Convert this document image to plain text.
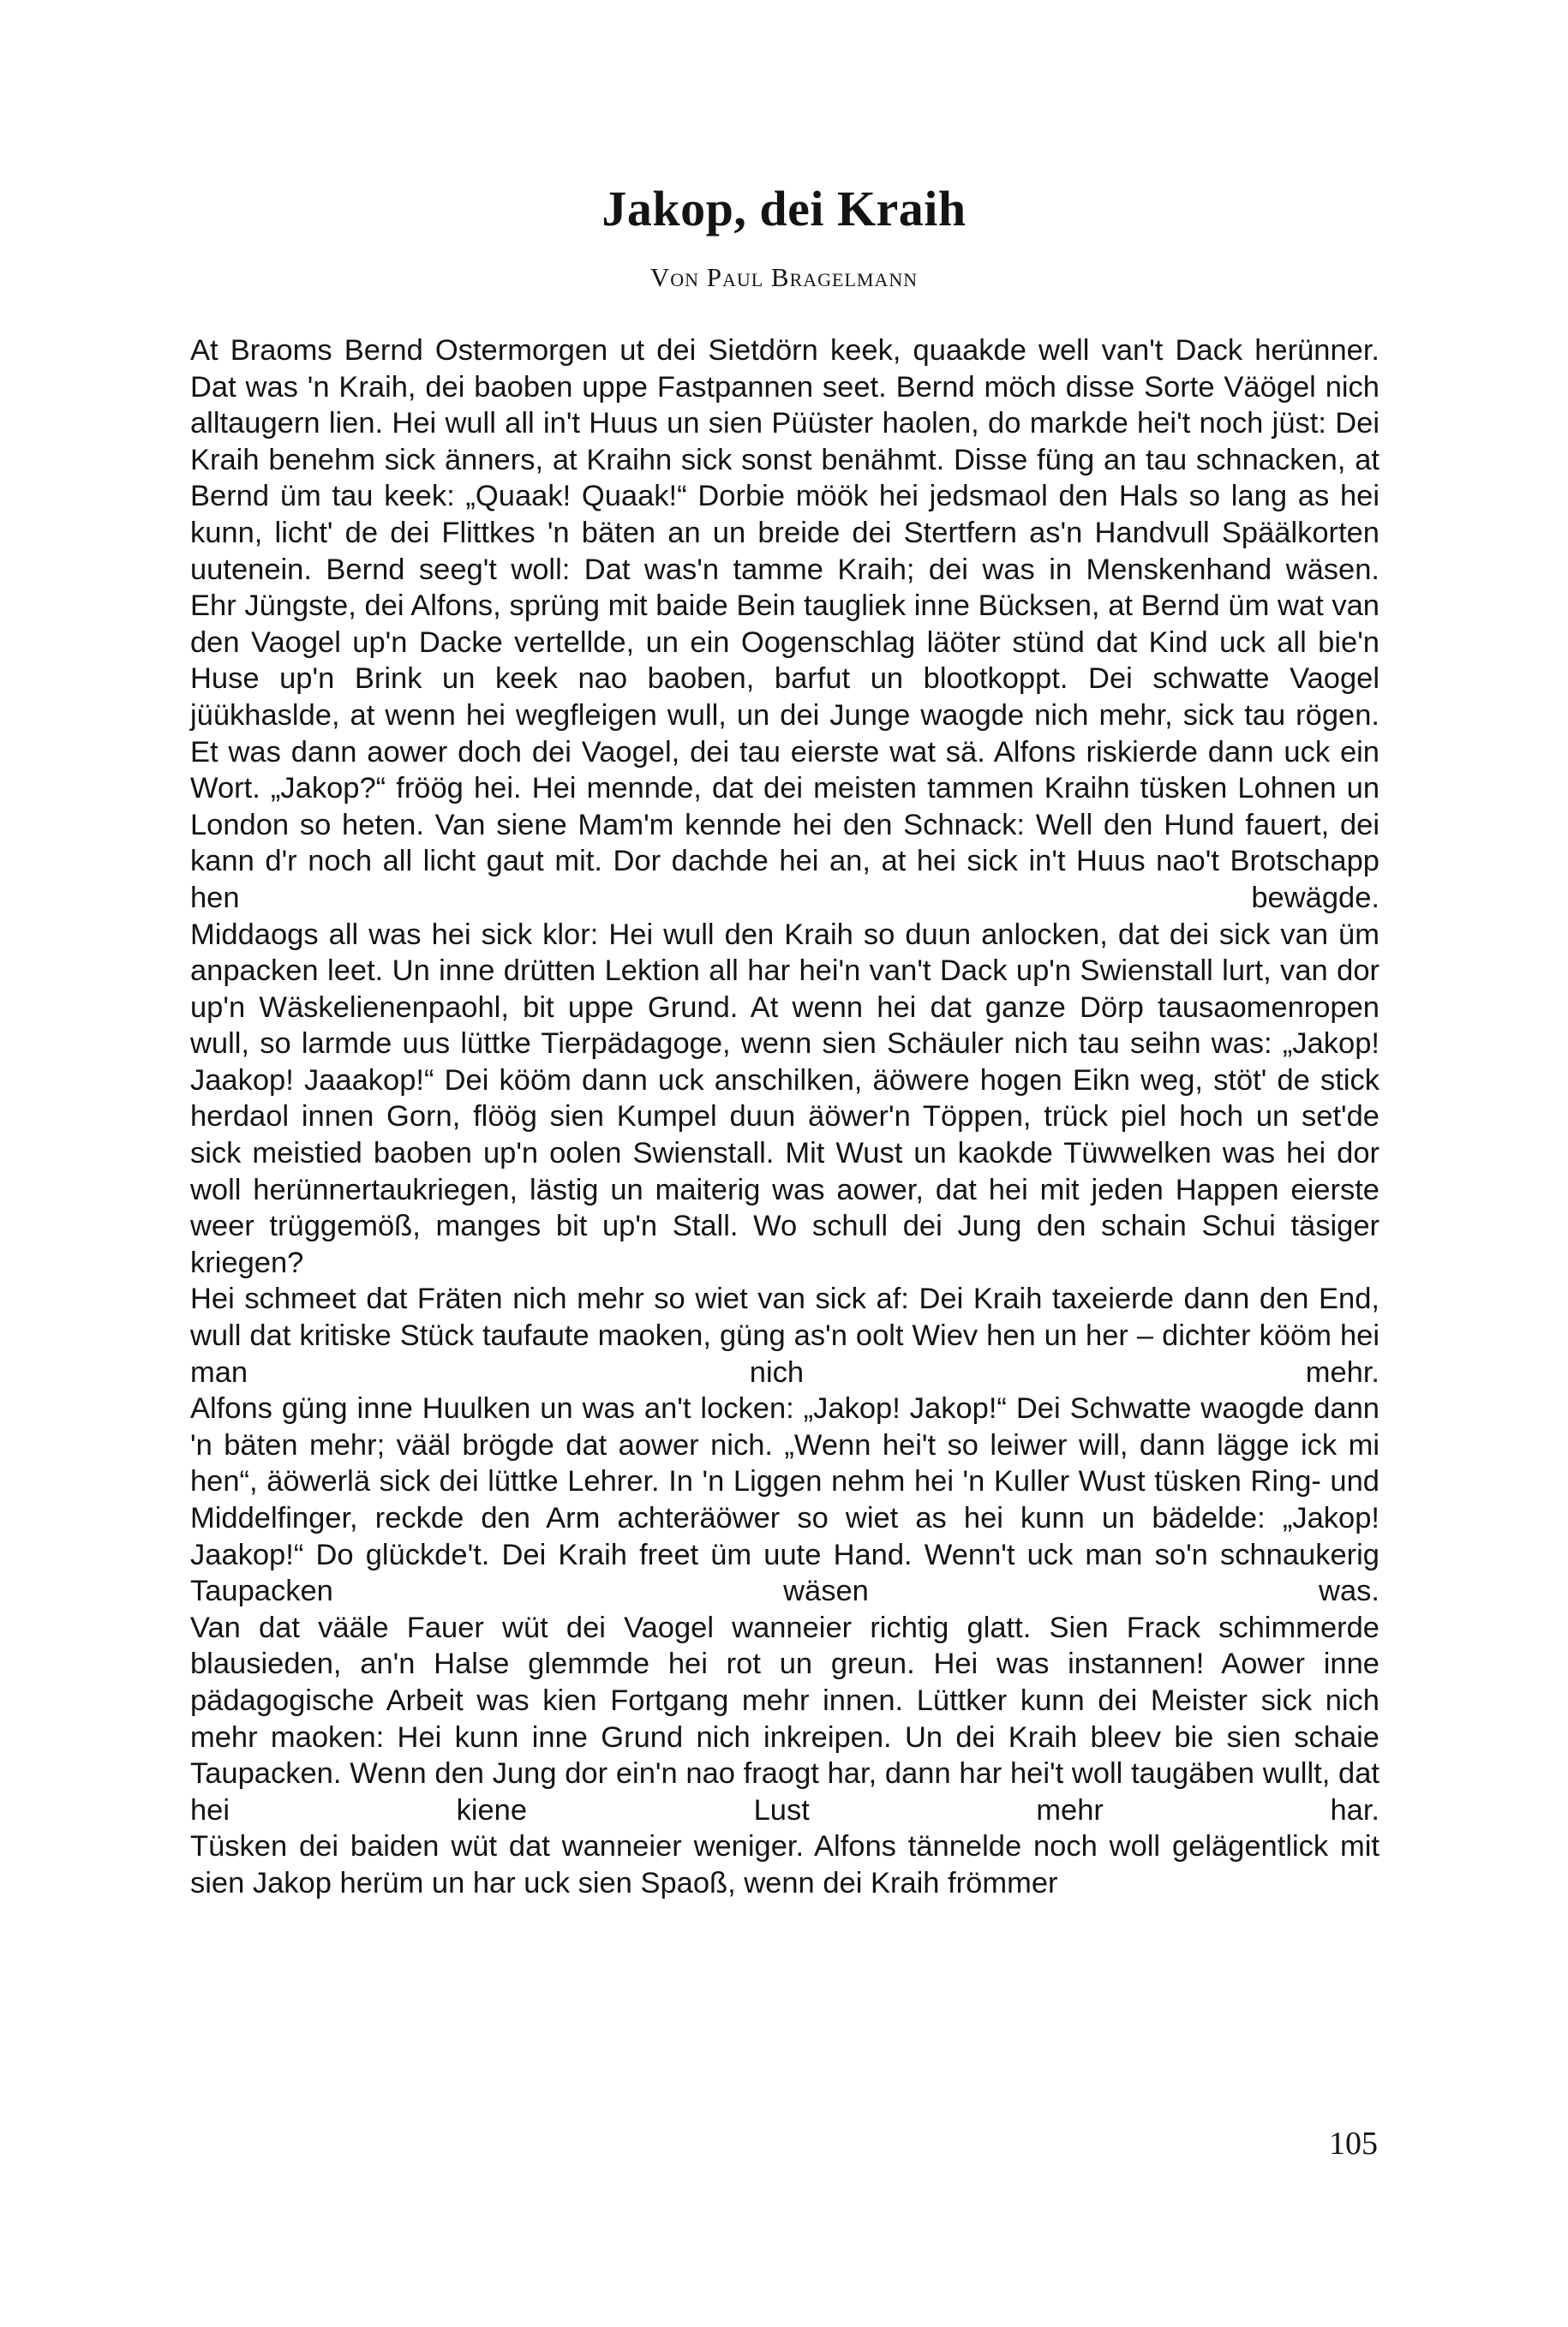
Jakop, dei Kraih
Von Paul Bragelmann

At Braoms Bernd Ostermorgen ut dei Sietdörn keek, quaakde well van't Dack herünner. Dat was 'n Kraih, dei baoben uppe Fastpannen seet. Bernd möch disse Sorte Väögel nich alltaugern lien. Hei wull all in't Huus un sien Püüster haolen, do markde hei't noch jüst: Dei Kraih benehm sick änners, at Kraihn sick sonst benähmt. Disse füng an tau schnacken, at Bernd üm tau keek: „Quaak! Quaak!“ Dorbie möök hei jedsmaol den Hals so lang as hei kunn, licht' de dei Flittkes 'n bäten an un breide dei Stertfern as'n Handvull Späälkorten uutenein. Bernd seeg't woll: Dat was'n tamme Kraih; dei was in Menskenhand wäsen.

Ehr Jüngste, dei Alfons, sprüng mit baide Bein taugliek inne Bücksen, at Bernd üm wat van den Vaogel up'n Dacke vertellde, un ein Oogenschlag läöter stünd dat Kind uck all bie'n Huse up'n Brink un keek nao baoben, barfut un blootkoppt. Dei schwatte Vaogel jüükhaslde, at wenn hei wegfleigen wull, un dei Junge waogde nich mehr, sick tau rögen. Et was dann aower doch dei Vaogel, dei tau eierste wat sä. Alfons riskierde dann uck ein Wort. „Jakop?“ fröög hei. Hei mennde, dat dei meisten tammen Kraihn tüsken Lohnen un London so heten. Van siene Mam'm kennde hei den Schnack: Well den Hund fauert, dei kann d'r noch all licht gaut mit. Dor dachde hei an, at hei sick in't Huus nao't Brotschapp hen bewägde.

Middaogs all was hei sick klor: Hei wull den Kraih so duun anlocken, dat dei sick van üm anpacken leet. Un inne drütten Lektion all har hei'n van't Dack up'n Swienstall lurt, van dor up'n Wäskelienenpaohl, bit uppe Grund. At wenn hei dat ganze Dörp tausaomenropen wull, so larmde uus lüttke Tierpädagoge, wenn sien Schäuler nich tau seihn was: „Jakop! Jaakop! Jaaakop!“ Dei kööm dann uck anschilken, äöwere hogen Eikn weg, stöt' de stick herdaol innen Gorn, flöög sien Kumpel duun äöwer'n Töppen, trück piel hoch un set'de sick meistied baoben up'n oolen Swienstall. Mit Wust un kaokde Tüwwelken was hei dor woll herünnertaukriegen, lästig un maiterig was aower, dat hei mit jeden Happen eierste weer trüggemöß, manges bit up'n Stall. Wo schull dei Jung den schain Schui täsiger kriegen?

Hei schmeet dat Fräten nich mehr so wiet van sick af: Dei Kraih taxeierde dann den End, wull dat kritiske Stück taufaute maoken, güng as'n oolt Wiev hen un her – dichter kööm hei man nich mehr.

Alfons güng inne Huulken un was an't locken: „Jakop! Jakop!“ Dei Schwatte waogde dann 'n bäten mehr; vääl brögde dat aower nich. „Wenn hei't so leiwer will, dann lägge ick mi hen“, äöwerlä sick dei lüttke Lehrer. In 'n Liggen nehm hei 'n Kuller Wust tüsken Ring- und Middelfinger, reckde den Arm achteräöwer so wiet as hei kunn un bädelde: „Jakop! Jaakop!“ Do glückde't. Dei Kraih freet üm uute Hand. Wenn't uck man so'n schnaukerig Taupacken wäsen was.

Van dat vääle Fauer wüt dei Vaogel wanneier richtig glatt. Sien Frack schimmerde blausieden, an'n Halse glemmde hei rot un greun. Hei was instannen! Aower inne pädagogische Arbeit was kien Fortgang mehr innen. Lüttker kunn dei Meister sick nich mehr maoken: Hei kunn inne Grund nich inkreipen. Un dei Kraih bleev bie sien schaie Taupacken. Wenn den Jung dor ein'n nao fraogt har, dann har hei't woll taugäben wullt, dat hei kiene Lust mehr har.

Tüsken dei baiden wüt dat wanneier weniger. Alfons tännelde noch woll gelägentlick mit sien Jakop herüm un har uck sien Spaoß, wenn dei Kraih frömmer

105
